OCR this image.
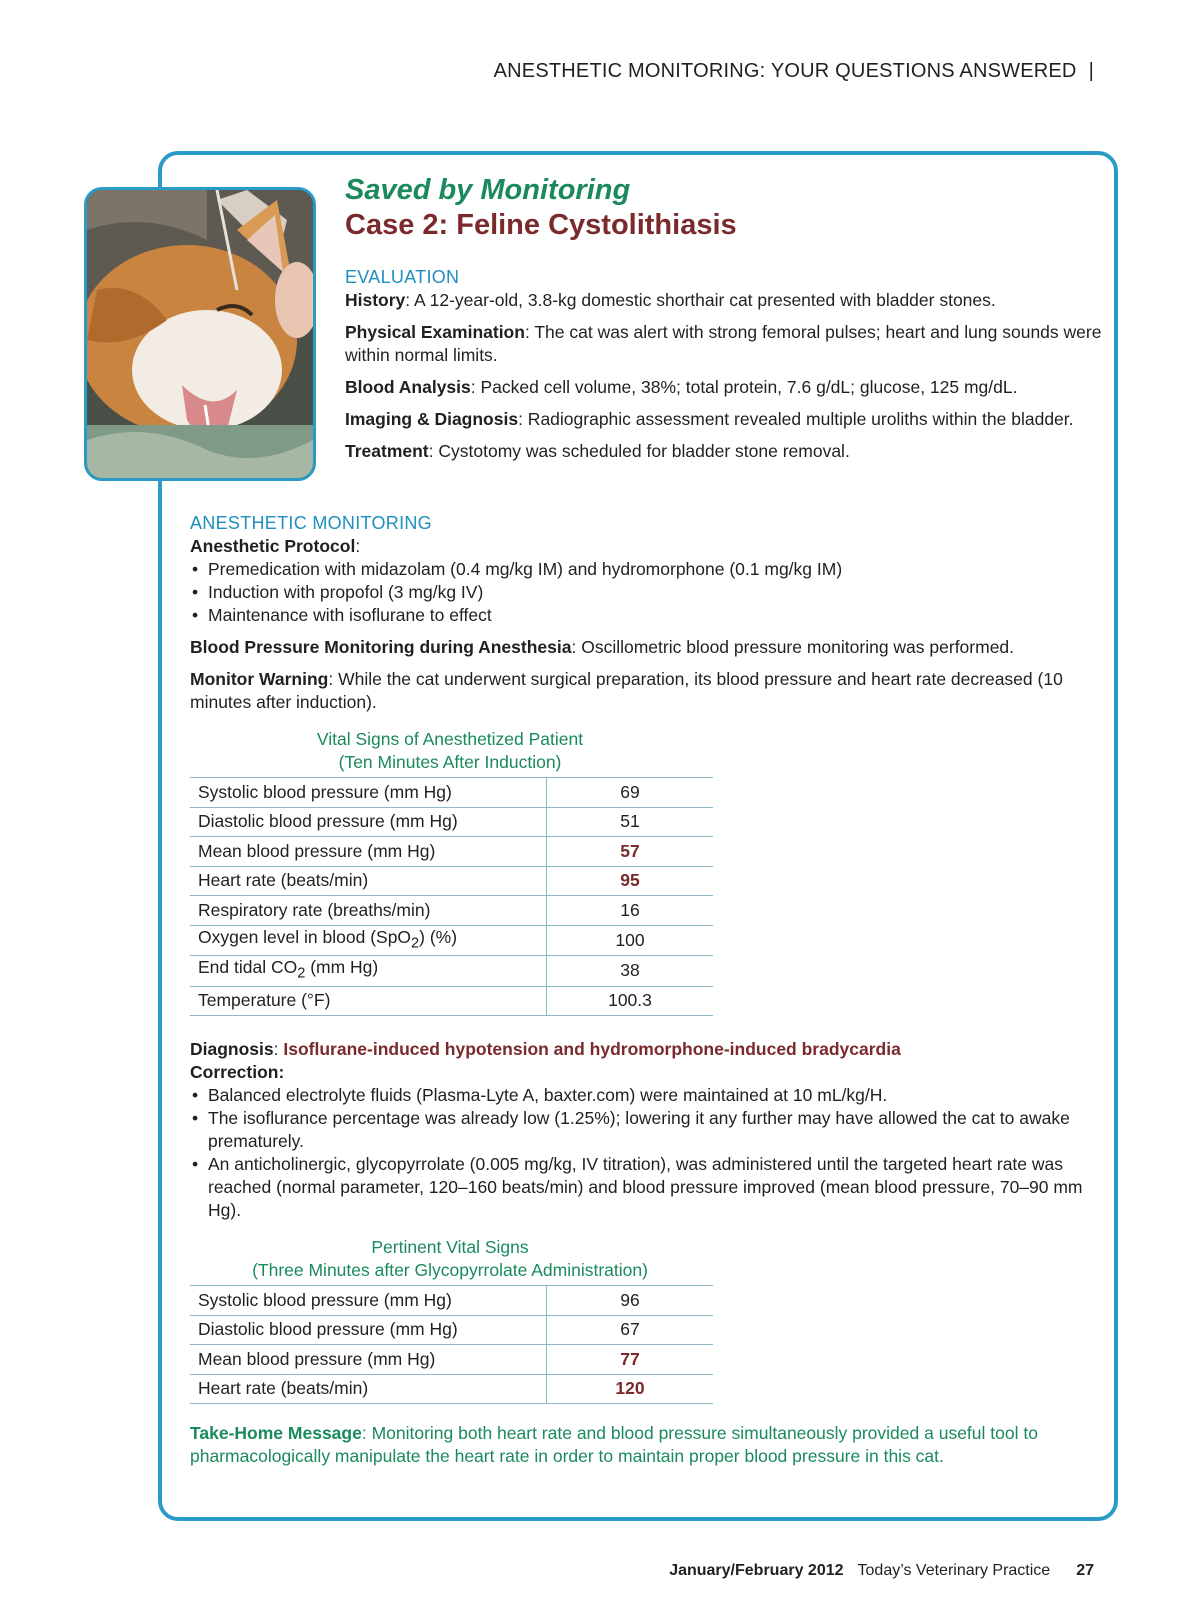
ANESTHETIC MONITORING: YOUR QUESTIONS ANSWERED |
Saved by Monitoring
Case 2: Feline Cystolithiasis
EVALUATION

History: A 12-year-old, 3.8-kg domestic shorthair cat presented with bladder stones.

Physical Examination: The cat was alert with strong femoral pulses; heart and lung sounds were within normal limits.

Blood Analysis: Packed cell volume, 38%; total protein, 7.6 g/dL; glucose, 125 mg/dL.

Imaging & Diagnosis: Radiographic assessment revealed multiple uroliths within the bladder.

Treatment: Cystotomy was scheduled for bladder stone removal.

ANESTHETIC MONITORING
Anesthetic Protocol:
• Premedication with midazolam (0.4 mg/kg IM) and hydromorphone (0.1 mg/kg IM)
• Induction with propofol (3 mg/kg IV)
• Maintenance with isoflurane to effect

Blood Pressure Monitoring during Anesthesia: Oscillometric blood pressure monitoring was performed.

Monitor Warning: While the cat underwent surgical preparation, its blood pressure and heart rate decreased (10 minutes after induction).

Vital Signs of Anesthetized Patient
(Ten Minutes After Induction)
Systolic blood pressure (mm Hg)	69
Diastolic blood pressure (mm Hg)	51
Mean blood pressure (mm Hg)	57
Heart rate (beats/min)	95
Respiratory rate (breaths/min)	16
Oxygen level in blood (SpO$_2$) (%)	100
End tidal $CO_2$ (mm Hg)	38
Temperature (°F)	100.3
Diagnosis: Isoflurane-induced hypotension and hydromorphone-induced bradycardia
Correction:
• Balanced electrolyte fluids (Plasma-Lyte A, baxter.com) were maintained at 10 mL/kg/H.
• The isoflurance percentage was already low (1.25%); lowering it any further may have allowed the cat to awake prematurely.
• An anticholinergic, glycopyrrolate (0.005 mg/kg, IV titration), was administered until the targeted heart rate was reached (normal parameter, 120–160 beats/min) and blood pressure improved (mean blood pressure, 70–90 mm Hg).
Pertinent Vital Signs
(Three Minutes after Glycopyrrolate Administration)
Systolic blood pressure (mm Hg)	96
Diastolic blood pressure (mm Hg)	67
Mean blood pressure (mm Hg)	77
Heart rate (beats/min)	120
Take-Home Message: Monitoring both heart rate and blood pressure simultaneously provided a useful tool to pharmacologically manipulate the heart rate in order to maintain proper blood pressure in this cat.
January/February 2012 Today’s Veterinary Practice 27
